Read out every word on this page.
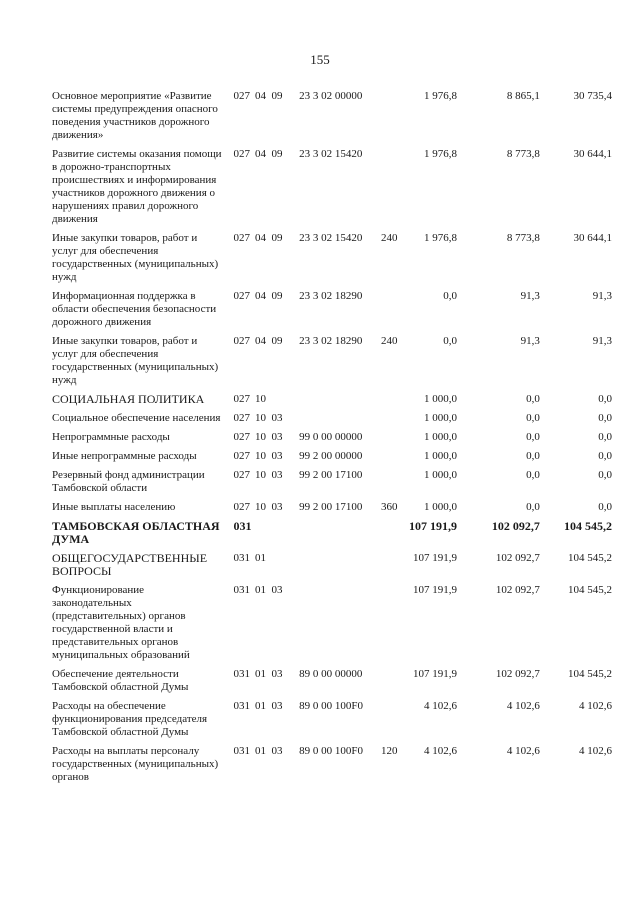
155
Основное мероприятие «Развитие системы предупреждения опасного поведения участников дорожного движения»
027 04 09	23 3 02 00000	1 976,8	8 865,1	30 735,4
Развитие системы оказания помощи в дорожно-транспортных происшествиях и информирования участников дорожного движения о нарушениях правил дорожного движения
027 04 09	23 3 02 15420	1 976,8	8 773,8	30 644,1
Иные закупки товаров, работ и услуг для обеспечения государственных (муниципальных) нужд
027 04 09	23 3 02 15420	240	1 976,8	8 773,8	30 644,1
Информационная поддержка в области обеспечения безопасности дорожного движения
027 04 09	23 3 02 18290	0,0	91,3	91,3
Иные закупки товаров, работ и услуг для обеспечения государственных (муниципальных) нужд
027 04 09	23 3 02 18290	240	0,0	91,3	91,3
СОЦИАЛЬНАЯ ПОЛИТИКА	027 10	1 000,0	0,0	0,0
Социальное обеспечение населения	027 10 03	1 000,0	0,0	0,0
Непрограммные расходы	027 10 03	99 0 00 00000	1 000,0	0,0	0,0
Иные непрограммные расходы	027 10 03	99 2 00 00000	1 000,0	0,0	0,0
Резервный фонд администрации Тамбовской области
027 10 03	99 2 00 17100	1 000,0	0,0	0,0
Иные выплаты населению	027 10 03	99 2 00 17100	360	1 000,0	0,0	0,0
ТАМБОВСКАЯ ОБЛАСТНАЯ ДУМА
031	107 191,9	102 092,7	104 545,2
ОБЩЕГОСУДАРСТВЕННЫЕ ВОПРОСЫ
031 01	107 191,9	102 092,7	104 545,2
Функционирование законодательных (представительных) органов государственной власти и представительных органов муниципальных образований
031 01 03	107 191,9	102 092,7	104 545,2
Обеспечение деятельности Тамбовской областной Думы
031 01 03	89 0 00 00000	107 191,9	102 092,7	104 545,2
Расходы на обеспечение функционирования председателя Тамбовской областной Думы
031 01 03	89 0 00 100F0	4 102,6	4 102,6	4 102,6
Расходы на выплаты персоналу государственных (муниципальных) органов
031 01 03	89 0 00 100F0	120	4 102,6	4 102,6	4 102,6
